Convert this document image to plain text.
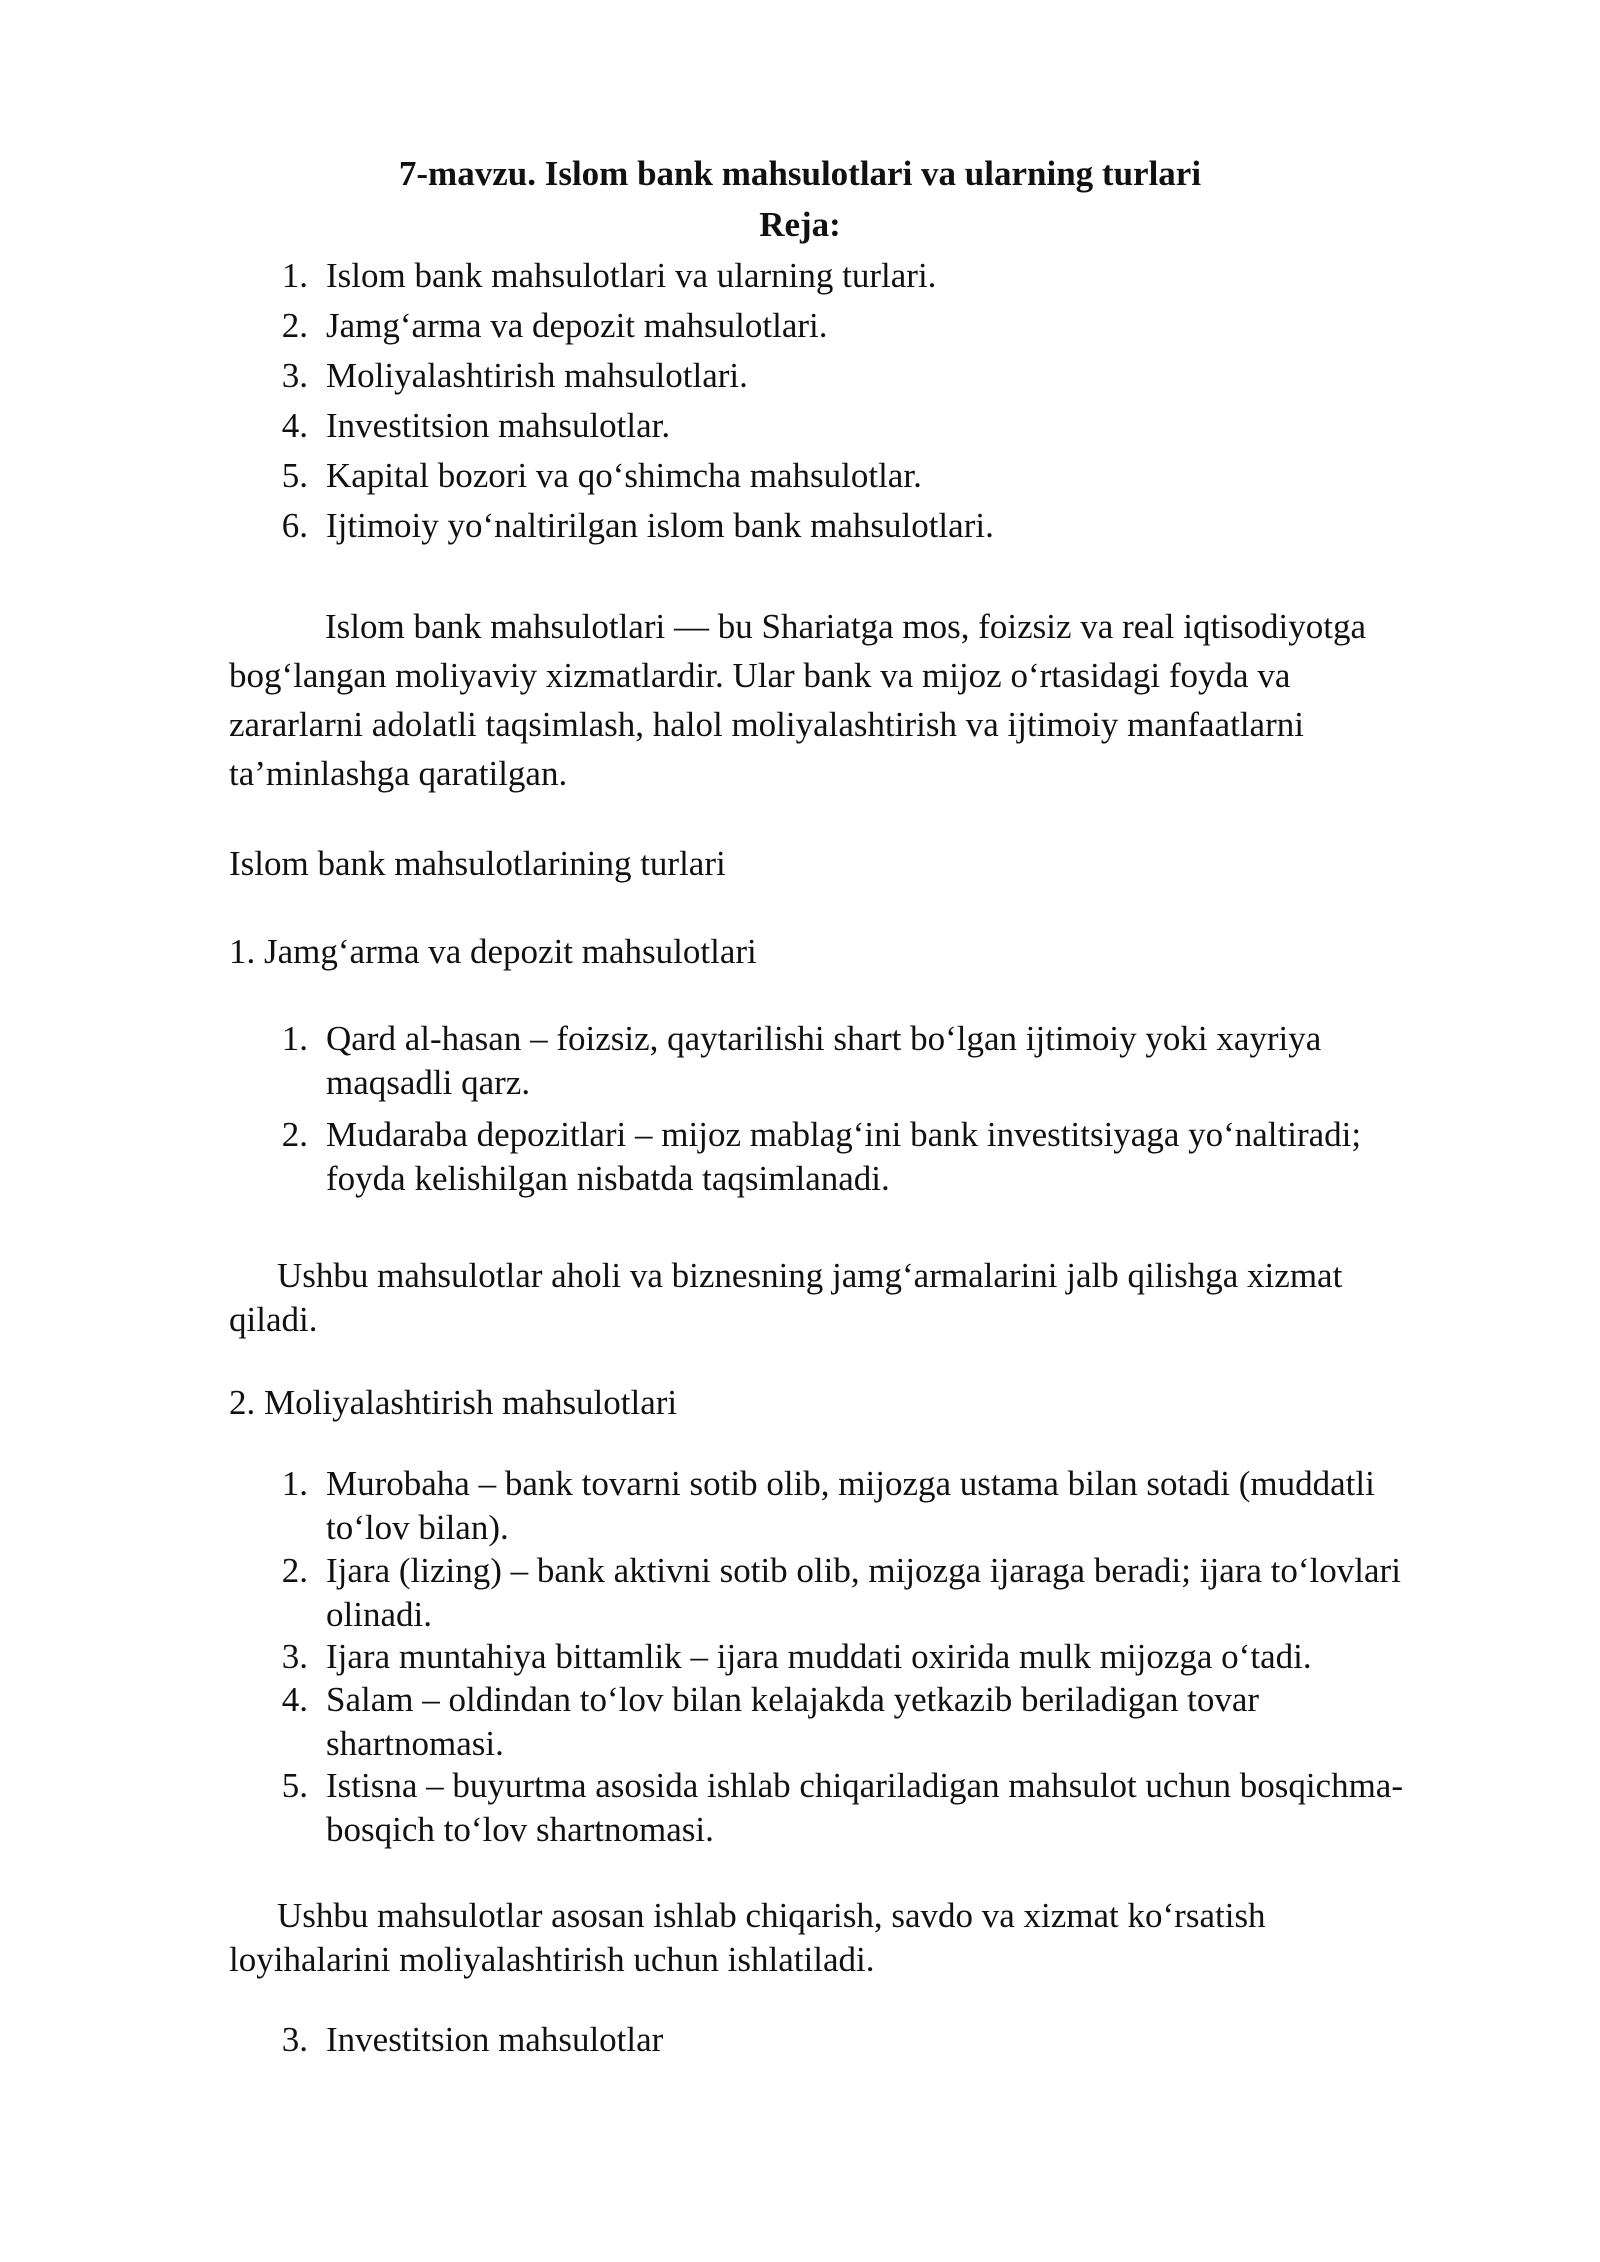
7-mavzu. Islom bank mahsulotlari va ularning turlari
Reja:
1. Islom bank mahsulotlari va ularning turlari.
2. Jamg‘arma va depozit mahsulotlari.
3. Moliyalashtirish mahsulotlari.
4. Investitsion mahsulotlar.
5. Kapital bozori va qo‘shimcha mahsulotlar.
6. Ijtimoiy yo‘naltirilgan islom bank mahsulotlari.
Islom bank mahsulotlari — bu Shariatga mos, foizsiz va real iqtisodiyotga
bog‘langan moliyaviy xizmatlardir. Ular bank va mijoz o‘rtasidagi foyda va
zararlarni adolatli taqsimlash, halol moliyalashtirish va ijtimoiy manfaatlarni
ta’minlashga qaratilgan.
Islom bank mahsulotlarining turlari
1. Jamg‘arma va depozit mahsulotlari
1. Qard al-hasan – foizsiz, qaytarilishi shart bo‘lgan ijtimoiy yoki xayriya
maqsadli qarz.
2. Mudaraba depozitlari – mijoz mablag‘ini bank investitsiyaga yo‘naltiradi;
foyda kelishilgan nisbatda taqsimlanadi.
Ushbu mahsulotlar aholi va biznesning jamg‘armalarini jalb qilishga xizmat
qiladi.
2. Moliyalashtirish mahsulotlari
1. Murobaha – bank tovarni sotib olib, mijozga ustama bilan sotadi (muddatli
to‘lov bilan).
2. Ijara (lizing) – bank aktivni sotib olib, mijozga ijaraga beradi; ijara to‘lovlari
olinadi.
3. Ijara muntahiya bittamlik – ijara muddati oxirida mulk mijozga o‘tadi.
4. Salam – oldindan to‘lov bilan kelajakda yetkazib beriladigan tovar
shartnomasi.
5. Istisna – buyurtma asosida ishlab chiqariladigan mahsulot uchun bosqichma-
bosqich to‘lov shartnomasi.
Ushbu mahsulotlar asosan ishlab chiqarish, savdo va xizmat ko‘rsatish
loyihalarini moliyalashtirish uchun ishlatiladi.
3. Investitsion mahsulotlar
